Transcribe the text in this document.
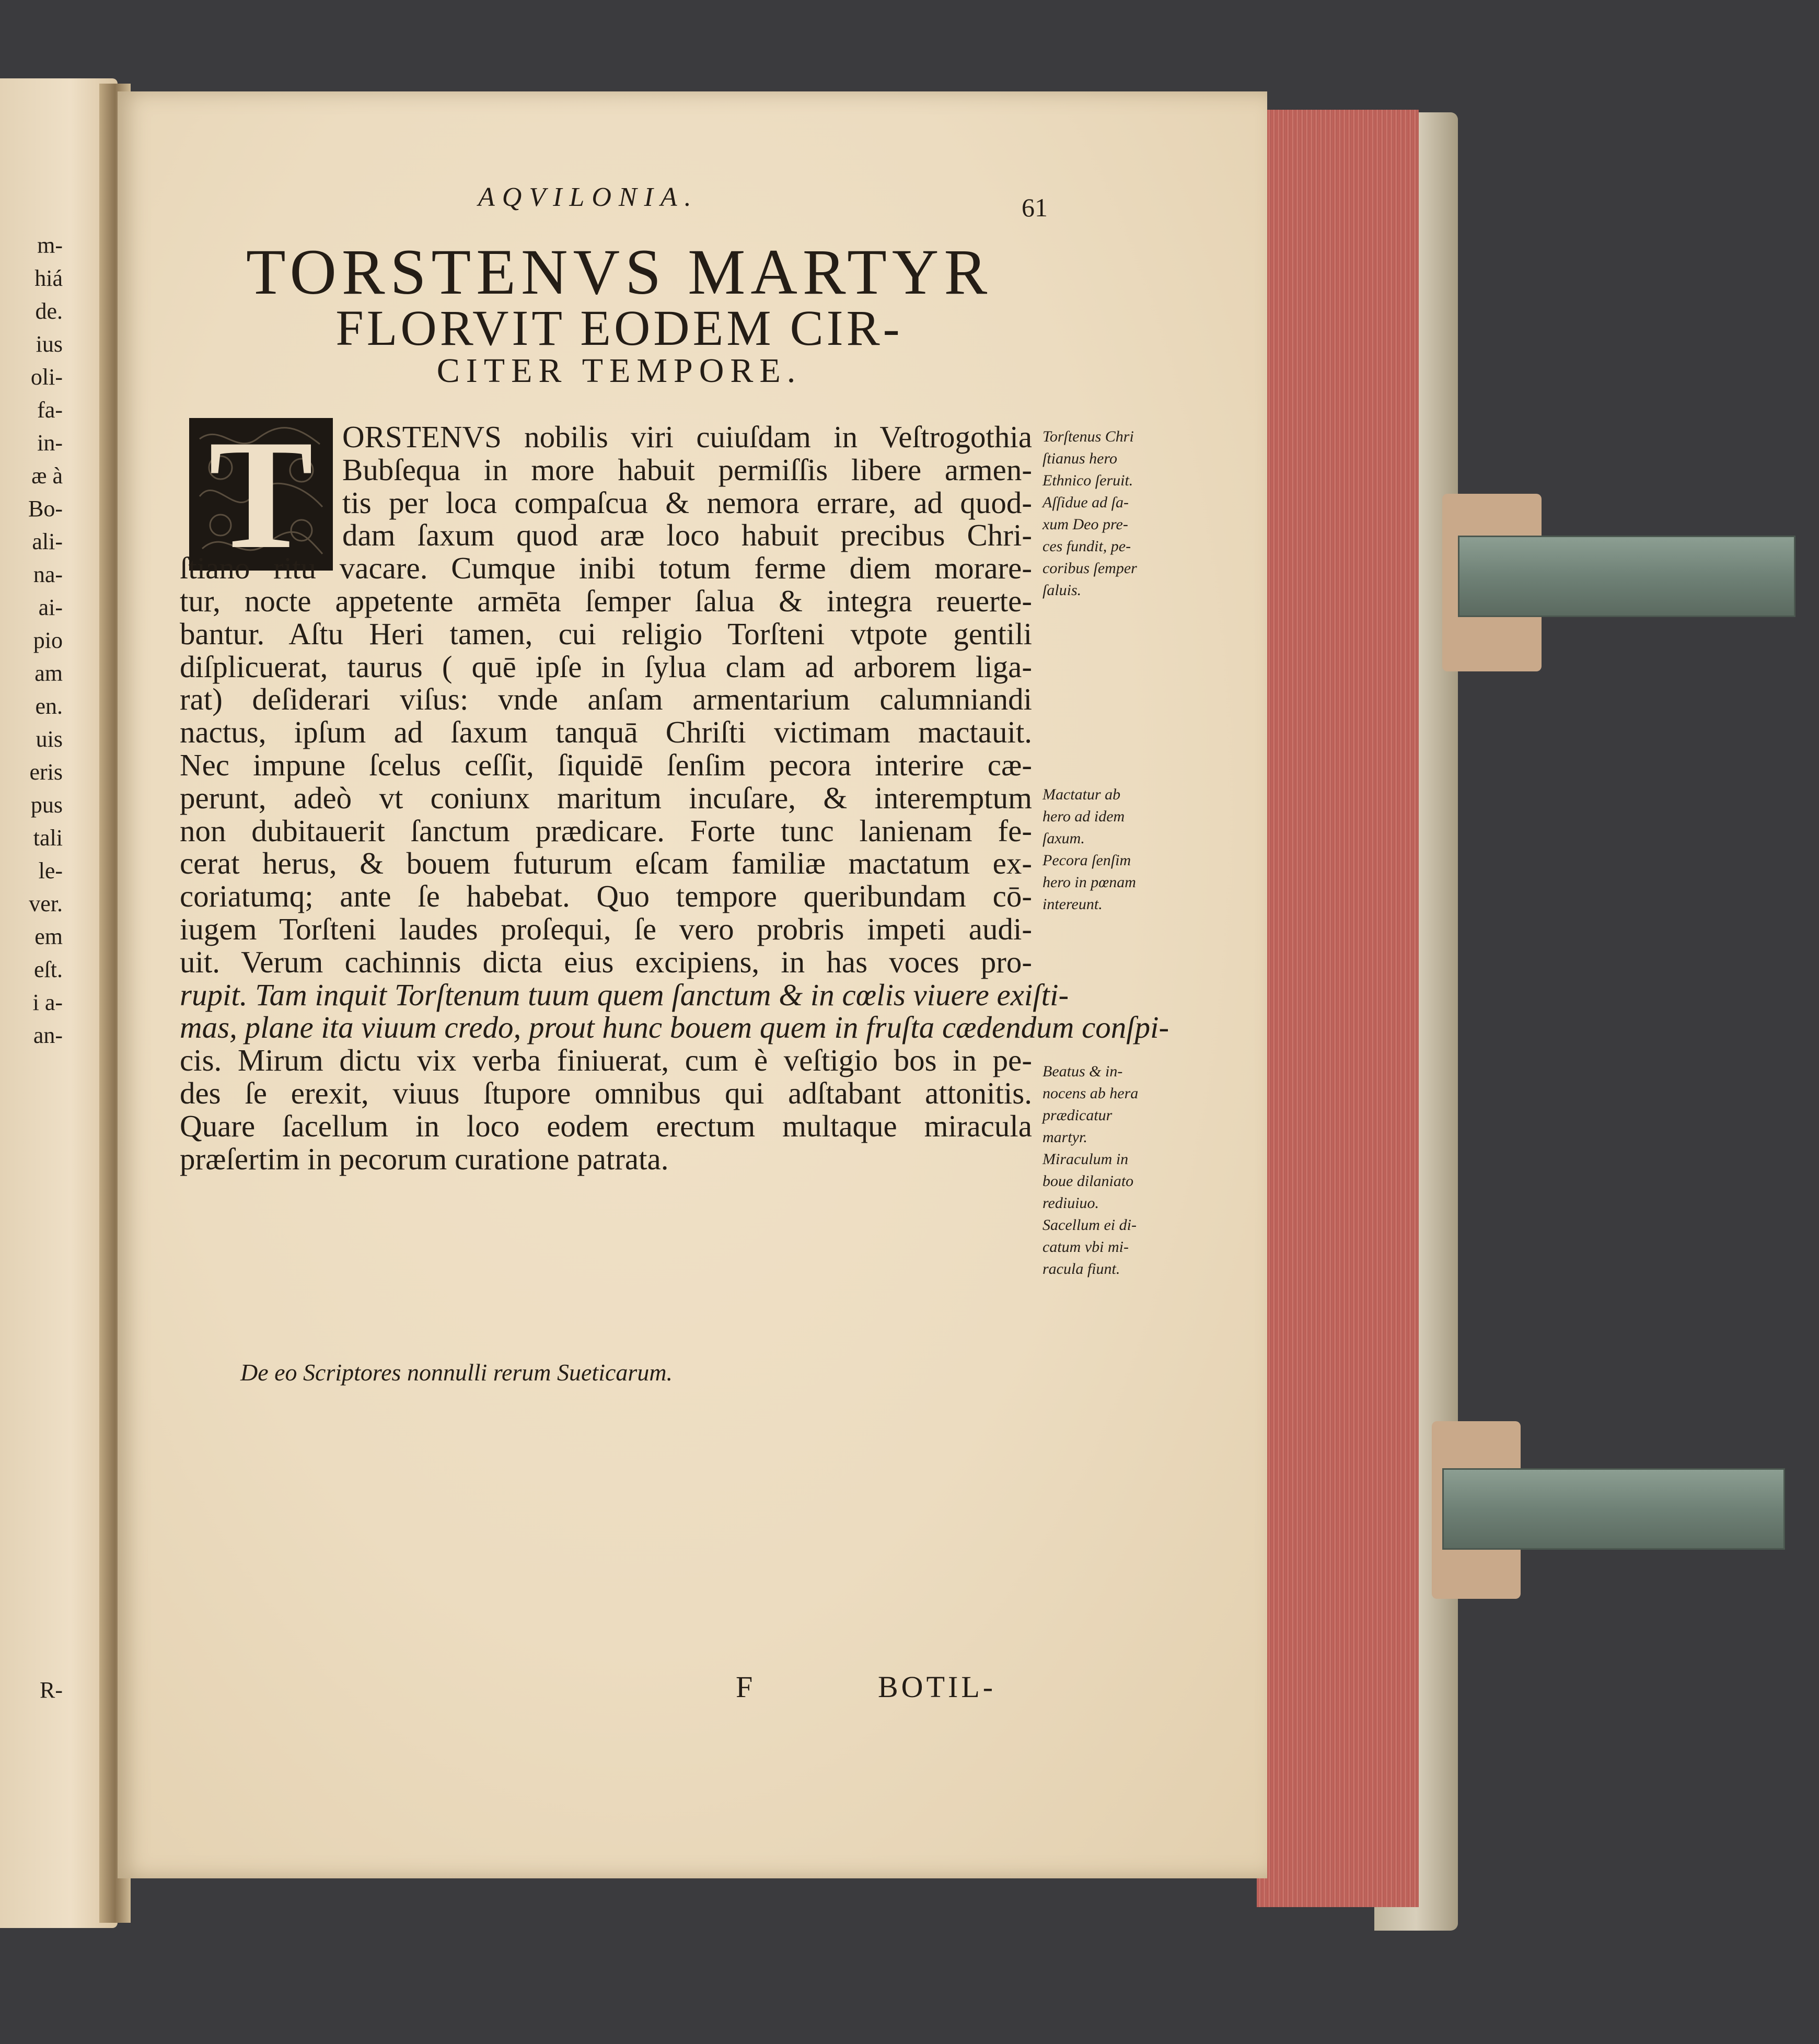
m-
hiá
de.
ius
oli-
fa-
in-
æ à
Bo-
ali-
na-
ai-
pio
am
en.
uis
eris
pus
tali
le-
ver.
em
eſt.
i a-
an-
R-
AQVILONIA.	61
TORSTENVS MARTYR
FLORVIT EODEM CIR-
CITER TEMPORE.
T ORSTENVS nobilis viri cuiuſdam in Veſtrogothia
Bubſequa in more habuit permiſſis libere armen-
tis per loca compaſcua & nemora errare, ad quod-
dam ſaxum quod aræ loco habuit precibus Chri-
ſtiano ritu vacare. Cumque inibi totum ferme diem morare-
tur, nocte appetente armēta ſemper ſalua & integra reuerte-
bantur. Aſtu Heri tamen, cui religio Torſteni vtpote gentili
diſplicuerat, taurus ( quē ipſe in ſylua clam ad arborem liga-
rat) deſiderari viſus: vnde anſam armentarium calumniandi
nactus, ipſum ad ſaxum tanquā Chriſti victimam mactauit.
Nec impune ſcelus ceſſit, ſiquidē ſenſim pecora interire cæ-
perunt, adeò vt coniunx maritum incuſare, & interemptum
non dubitauerit ſanctum prædicare. Forte tunc lanienam fe-
cerat herus, & bouem futurum eſcam familiæ mactatum ex-
coriatumq; ante ſe habebat. Quo tempore queribundam cō-
iugem Torſteni laudes proſequi, ſe vero probris impeti audi-
uit. Verum cachinnis dicta eius excipiens, in has voces pro-
rupit. Tam inquit Torſtenum tuum quem ſanctum & in cœlis viuere exiſti-
mas, plane ita viuum credo, prout hunc bouem quem in fruſta cædendum conſpi-
cis. Mirum dictu vix verba finiuerat, cum è veſtigio bos in pe-
des ſe erexit, viuus ſtupore omnibus qui adſtabant attonitis.
Quare ſacellum in loco eodem erectum multaque miracula
præſertim in pecorum curatione patrata.
Torſtenus Chri
ſtianus hero
Ethnico ſeruit.
Aſſidue ad ſa-
xum Deo pre-
ces fundit, pe-
coribus ſemper
ſaluis.
Mactatur ab
hero ad idem
ſaxum.
Pecora ſenſim
hero in pœnam
intereunt.
Beatus & in-
nocens ab hera
prædicatur
martyr.
Miraculum in
boue dilaniato
rediuiuo.
Sacellum ei di-
catum vbi mi-
racula fiunt.
De eo Scriptores nonnulli rerum Sueticarum.
F	BOTIL-
